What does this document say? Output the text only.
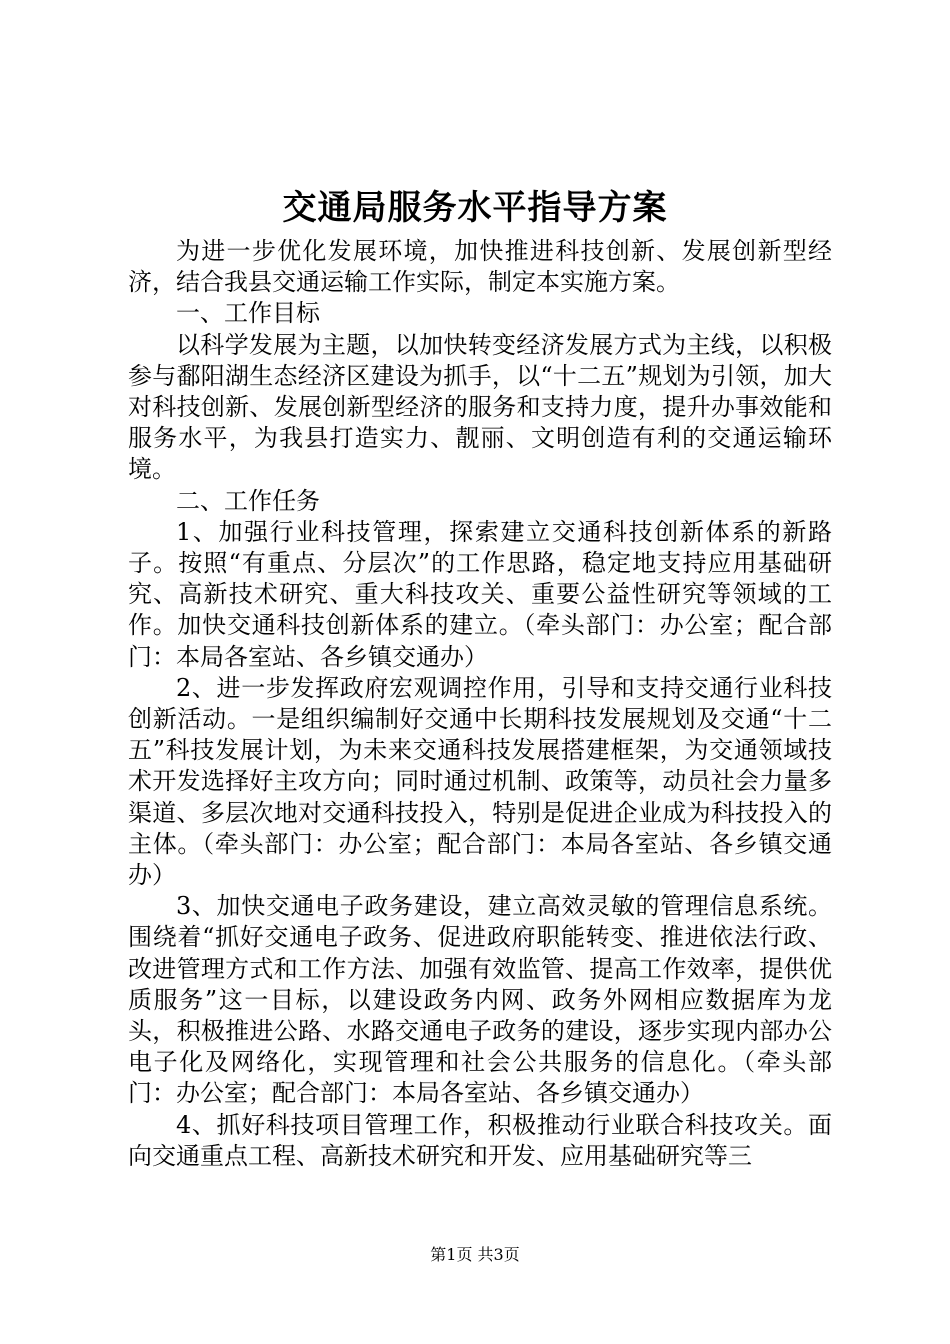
交通局服务水平指导方案

为进一步优化发展环境，加快推进科技创新、发展创新型经济，结合我县交通运输工作实际，制定本实施方案。

一、工作目标

以科学发展为主题，以加快转变经济发展方式为主线，以积极参与鄱阳湖生态经济区建设为抓手，以“十二五”规划为引领，加大对科技创新、发展创新型经济的服务和支持力度，提升办事效能和服务水平，为我县打造实力、靓丽、文明创造有利的交通运输环境。

二、工作任务

1、加强行业科技管理，探索建立交通科技创新体系的新路子。按照“有重点、分层次”的工作思路，稳定地支持应用基础研究、高新技术研究、重大科技攻关、重要公益性研究等领域的工作。加快交通科技创新体系的建立。（牵头部门：办公室；配合部门：本局各室站、各乡镇交通办）

2、进一步发挥政府宏观调控作用，引导和支持交通行业科技创新活动。一是组织编制好交通中长期科技发展规划及交通“十二五”科技发展计划，为未来交通科技发展搭建框架，为交通领域技术开发选择好主攻方向；同时通过机制、政策等，动员社会力量多渠道、多层次地对交通科技投入，特别是促进企业成为科技投入的主体。（牵头部门：办公室；配合部门：本局各室站、各乡镇交通办）

3、加快交通电子政务建设，建立高效灵敏的管理信息系统。围绕着“抓好交通电子政务、促进政府职能转变、推进依法行政、改进管理方式和工作方法、加强有效监管、提高工作效率，提供优质服务”这一目标，以建设政务内网、政务外网相应数据库为龙头，积极推进公路、水路交通电子政务的建设，逐步实现内部办公电子化及网络化，实现管理和社会公共服务的信息化。（牵头部门：办公室；配合部门：本局各室站、各乡镇交通办）

4、抓好科技项目管理工作，积极推动行业联合科技攻关。面向交通重点工程、高新技术研究和开发、应用基础研究等三

第1页 共3页
